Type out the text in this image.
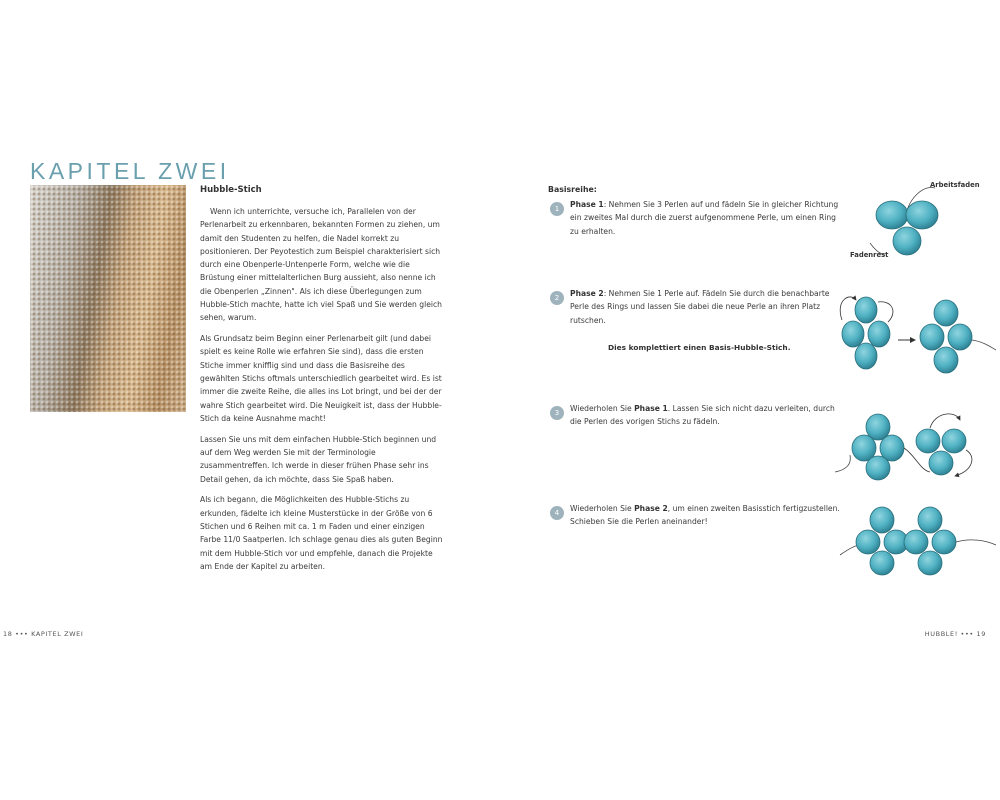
KAPITEL ZWEI
Hubble-Stich

Wenn ich unterrichte, versuche ich, Parallelen von der Perlenarbeit zu erkennbaren, bekannten Formen zu ziehen, um damit den Studenten zu helfen, die Nadel korrekt zu positionieren. Der Peyotestich zum Beispiel charakterisiert sich durch eine Obenperle-Untenperle Form, welche wie die Brüstung einer mittelalterlichen Burg aussieht, also nenne ich die Obenperlen „Zinnen". Als ich diese Überlegungen zum Hubble-Stich machte, hatte ich viel Spaß und Sie werden gleich sehen, warum.

Als Grundsatz beim Beginn einer Perlenarbeit gilt (und dabei spielt es keine Rolle wie erfahren Sie sind), dass die ersten Stiche immer knifflig sind und dass die Basisreihe des gewählten Stichs oftmals unterschiedlich gearbeitet wird. Es ist immer die zweite Reihe, die alles ins Lot bringt, und bei der der wahre Stich gearbeitet wird. Die Neuigkeit ist, dass der Hubble-Stich da keine Ausnahme macht!

Lassen Sie uns mit dem einfachen Hubble-Stich beginnen und auf dem Weg werden Sie mit der Terminologie zusammentreffen. Ich werde in dieser frühen Phase sehr ins Detail gehen, da ich möchte, dass Sie Spaß haben.

Als ich begann, die Möglichkeiten des Hubble-Stichs zu erkunden, fädelte ich kleine Musterstücke in der Größe von 6 Stichen und 6 Reihen mit ca. 1 m Faden und einer einzigen Farbe 11/0 Saatperlen. Ich schlage genau dies als guten Beginn mit dem Hubble-Stich vor und empfehle, danach die Projekte am Ende der Kapitel zu arbeiten.

18 ••• KAPITEL ZWEI
Basisreihe:
1	Phase 1: Nehmen Sie 3 Perlen auf und fädeln Sie in gleicher Richtung ein zweites Mal durch die zuerst aufgenommene Perle, um einen Ring zu erhalten.
2	Phase 2: Nehmen Sie 1 Perle auf. Fädeln Sie durch die benachbarte Perle des Rings und lassen Sie dabei die neue Perle an ihren Platz rutschen.
Dies komplettiert einen Basis-Hubble-Stich.
3	Wiederholen Sie Phase 1. Lassen Sie sich nicht dazu verleiten, durch die Perlen des vorigen Stichs zu fädeln.
4	Wiederholen Sie Phase 2, um einen zweiten Basisstich fertigzustellen. Schieben Sie die Perlen aneinander!
HUBBLE! ••• 19
Arbeitsfaden
Fadenrest
